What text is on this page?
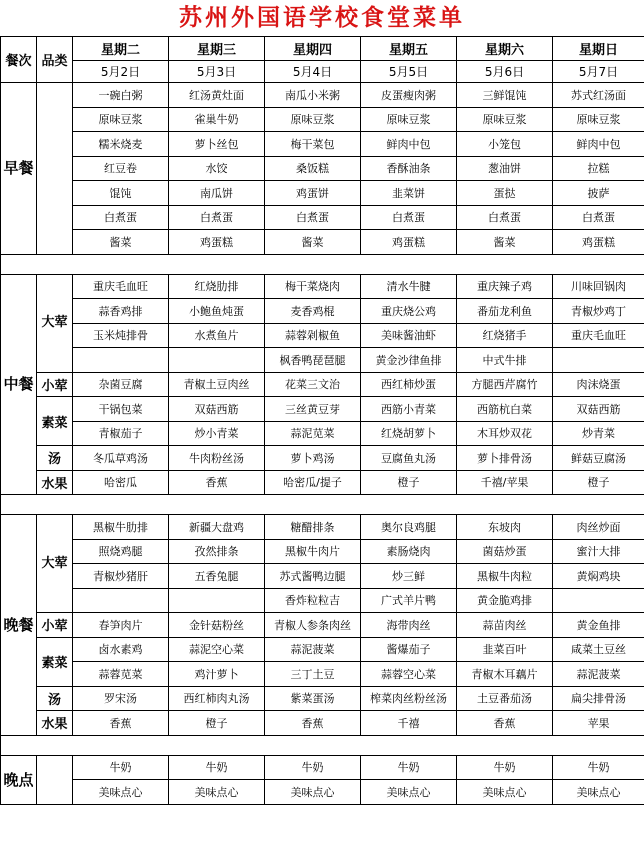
苏州外国语学校食堂菜单
餐次	品类	星期二	星期三	星期四	星期五	星期六	星期日
		5月2日	5月3日	5月4日	5月5日	5月6日	5月7日
早餐		一碗白粥	红汤黄灶面	南瓜小米粥	皮蛋瘦肉粥	三鲜馄饨	苏式红汤面
		原味豆浆	雀巢牛奶	原味豆浆	原味豆浆	原味豆浆	原味豆浆
		糯米烧麦	萝卜丝包	梅干菜包	鲜肉中包	小笼包	鲜肉中包
		红豆卷	水饺	桑饭糕	香酥油条	葱油饼	拉糕
		馄饨	南瓜饼	鸡蛋饼	韭菜饼	蛋挞	披萨
		白煮蛋	白煮蛋	白煮蛋	白煮蛋	白煮蛋	白煮蛋
		酱菜	鸡蛋糕	酱菜	鸡蛋糕	酱菜	鸡蛋糕

中餐	大荤	重庆毛血旺	红烧肋排	梅干菜烧肉	清水牛腱	重庆辣子鸡	川味回锅肉
		蒜香鸡排	小鲍鱼炖蛋	麦香鸡棍	重庆烧公鸡	番茄龙利鱼	青椒炒鸡丁
		玉米炖排骨	水煮鱼片	蒜蓉剁椒鱼	美味酱油虾	红烧猪手	重庆毛血旺
				枫香鸭琵琶腿	黄金沙律鱼排	中式牛排	
	小荤	杂菌豆腐	青椒土豆肉丝	花菜三文治	西红柿炒蛋	方腿西芹腐竹	肉沫烧蛋
	素菜	干锅包菜	双菇西筋	三丝黄豆芽	西筋小青菜	西筋杭白菜	双菇西筋
		青椒茄子	炒小青菜	蒜泥苋菜	红烧胡萝卜	木耳炒双花	炒青菜
	汤	冬瓜草鸡汤	牛肉粉丝汤	萝卜鸡汤	豆腐鱼丸汤	萝卜排骨汤	鲜菇豆腐汤
	水果	哈密瓜	香蕉	哈密瓜/提子	橙子	千禧/苹果	橙子

晚餐	大荤	黑椒牛肋排	新疆大盘鸡	糖醋排条	奥尔良鸡腿	东坡肉	肉丝炒面
		照烧鸡腿	孜然排条	黑椒牛肉片	素肠烧肉	菌菇炒蛋	蜜汁大排
		青椒炒猪肝	五香兔腿	苏式酱鸭边腿	炒三鲜	黑椒牛肉粒	黄焖鸡块
				香炸粒粒吉	广式羊片鸭	黄金脆鸡排	
	小荤	春笋肉片	金针菇粉丝	青椒人参条肉丝	海带肉丝	蒜苗肉丝	黄金鱼排
	素菜	卤水素鸡	蒜泥空心菜	蒜泥菠菜	酱爆茄子	韭菜百叶	咸菜土豆丝
		蒜蓉苋菜	鸡汁萝卜	三丁土豆	蒜蓉空心菜	青椒木耳藕片	蒜泥菠菜
	汤	罗宋汤	西红柿肉丸汤	紫菜蛋汤	榨菜肉丝粉丝汤	土豆番茄汤	扁尖排骨汤
	水果	香蕉	橙子	香蕉	千禧	香蕉	苹果

晚点		牛奶	牛奶	牛奶	牛奶	牛奶	牛奶
		美味点心	美味点心	美味点心	美味点心	美味点心	美味点心
